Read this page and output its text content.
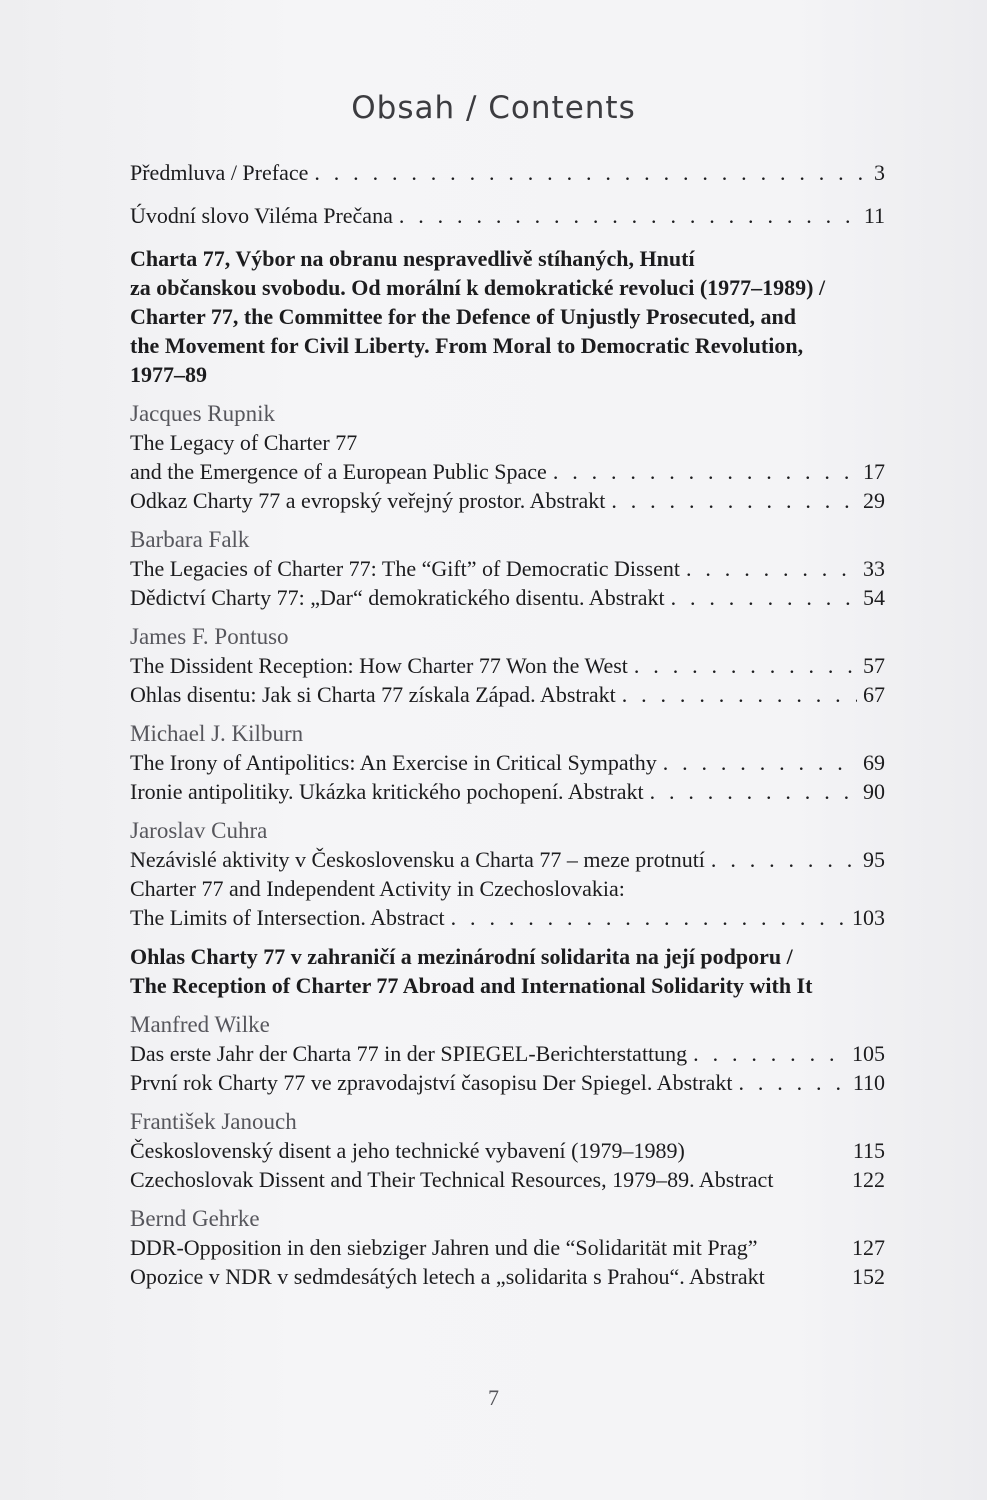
Obsah / Contents
Předmluva / Preface . . .	3
Úvodní slovo Viléma Prečana . . .	11
Charta 77, Výbor na obranu nespravedlivě stíhaných, Hnutí
za občanskou svobodu. Od morální k demokratické revoluci (1977–1989) /
Charter 77, the Committee for the Defence of Unjustly Prosecuted, and
the Movement for Civil Liberty. From Moral to Democratic Revolution,
1977–89
Jacques Rupnik
The Legacy of Charter 77
and the Emergence of a European Public Space . . .	17
Odkaz Charty 77 a evropský veřejný prostor. Abstrakt . . .	29
Barbara Falk
The Legacies of Charter 77: The “Gift” of Democratic Dissent . . .	33
Dědictví Charty 77: „Dar“ demokratického disentu. Abstrakt . . .	54
James F. Pontuso
The Dissident Reception: How Charter 77 Won the West . . .	57
Ohlas disentu: Jak si Charta 77 získala Západ. Abstrakt . . .	67
Michael J. Kilburn
The Irony of Antipolitics: An Exercise in Critical Sympathy . . .	69
Ironie antipolitiky. Ukázka kritického pochopení. Abstrakt . . .	90
Jaroslav Cuhra
Nezávislé aktivity v Československu a Charta 77 – meze protnutí . . .	95
Charter 77 and Independent Activity in Czechoslovakia:
The Limits of Intersection. Abstract . . .	103
Ohlas Charty 77 v zahraničí a mezinárodní solidarita na její podporu /
The Reception of Charter 77 Abroad and International Solidarity with It
Manfred Wilke
Das erste Jahr der Charta 77 in der SPIEGEL-Berichterstattung . . .	105
První rok Charty 77 ve zpravodajství časopisu Der Spiegel. Abstrakt . . .	110
František Janouch
Československý disent a jeho technické vybavení (1979–1989)	115
Czechoslovak Dissent and Their Technical Resources, 1979–89. Abstract	122
Bernd Gehrke
DDR-Opposition in den siebziger Jahren und die “Solidarität mit Prag”	127
Opozice v NDR v sedmdesátých letech a „solidarita s Prahou“. Abstrakt	152
7
